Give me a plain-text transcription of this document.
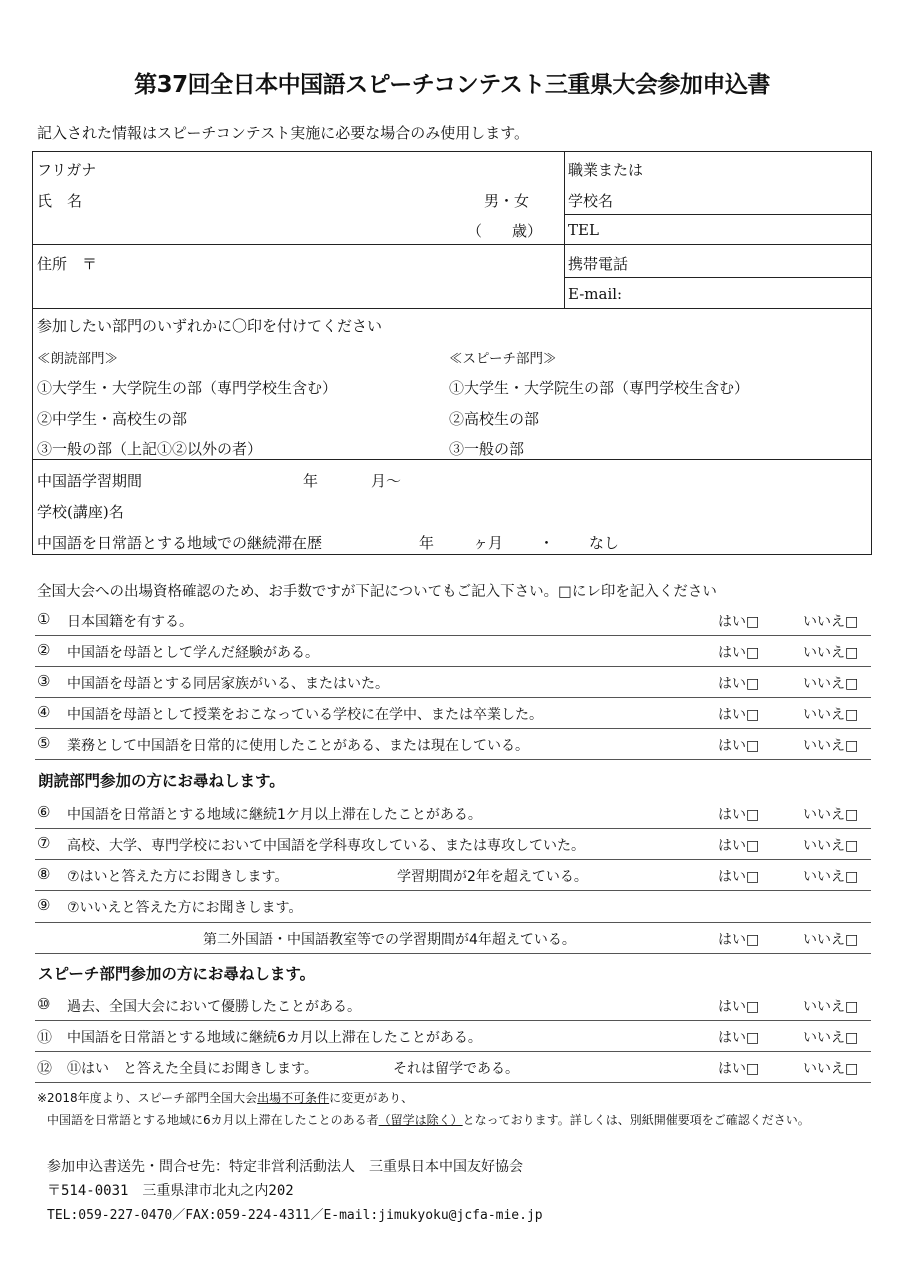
第37回全日本中国語スピーチコンテスト三重県大会参加申込書
記入された情報はスピーチコンテスト実施に必要な場合のみ使用します。
フリガナ
氏　名	男・女
（　　歳）
職業または
学校名
TEL
携帯電話
E-mail:
住所　〒
参加したい部門のいずれかに〇印を付けてください
≪朗読部門≫
①大学生・大学院生の部（専門学校生含む）
②中学生・高校生の部
③一般の部（上記①②以外の者）
≪スピーチ部門≫
①大学生・大学院生の部（専門学校生含む）
②高校生の部
③一般の部
中国語学習期間	年	月～
学校(講座)名
中国語を日常語とする地域での継続滞在歴	年	ヶ月 ・ なし
全国大会への出場資格確認のため、お手数ですが下記についてもご記入下さい。□にレ印を記入ください
① 日本国籍を有する。	はい□	いいえ□
② 中国語を母語として学んだ経験がある。	はい□	いいえ□
③ 中国語を母語とする同居家族がいる、またはいた。	はい□	いいえ□
④ 中国語を母語として授業をおこなっている学校に在学中、または卒業した。	はい□	いいえ□
⑤ 業務として中国語を日常的に使用したことがある、または現在している。	はい□	いいえ□
朗読部門参加の方にお尋ねします。
⑥ 中国語を日常語とする地域に継続1ケ月以上滞在したことがある。	はい□	いいえ□
⑦ 高校、大学、専門学校において中国語を学科専攻している、または専攻していた。	はい□	いいえ□
⑧ ⑦はいと答えた方にお聞きします。	学習期間が2年を超えている。	はい□	いいえ□
⑨ ⑦いいえと答えた方にお聞きします。
第二外国語・中国語教室等での学習期間が4年超えている。	はい□	いいえ□
スピーチ部門参加の方にお尋ねします。
⑩ 過去、全国大会において優勝したことがある。	はい□	いいえ□
⑪ 中国語を日常語とする地域に継続6カ月以上滞在したことがある。	はい□	いいえ□
⑫ ⑪はい　と答えた全員にお聞きします。	それは留学である。	はい□	いいえ□
※2018年度より、スピーチ部門全国大会出場不可条件に変更があり、
中国語を日常語とする地域に6カ月以上滞在したことのある者（留学は除く）となっております。詳しくは、別紙開催要項をご確認ください。
参加申込書送先・問合せ先：特定非営利活動法人　三重県日本中国友好協会
〒514-0031　三重県津市北丸之内202
TEL:059-227-0470／FAX:059-224-4311／E-mail:jimukyoku@jcfa-mie.jp
